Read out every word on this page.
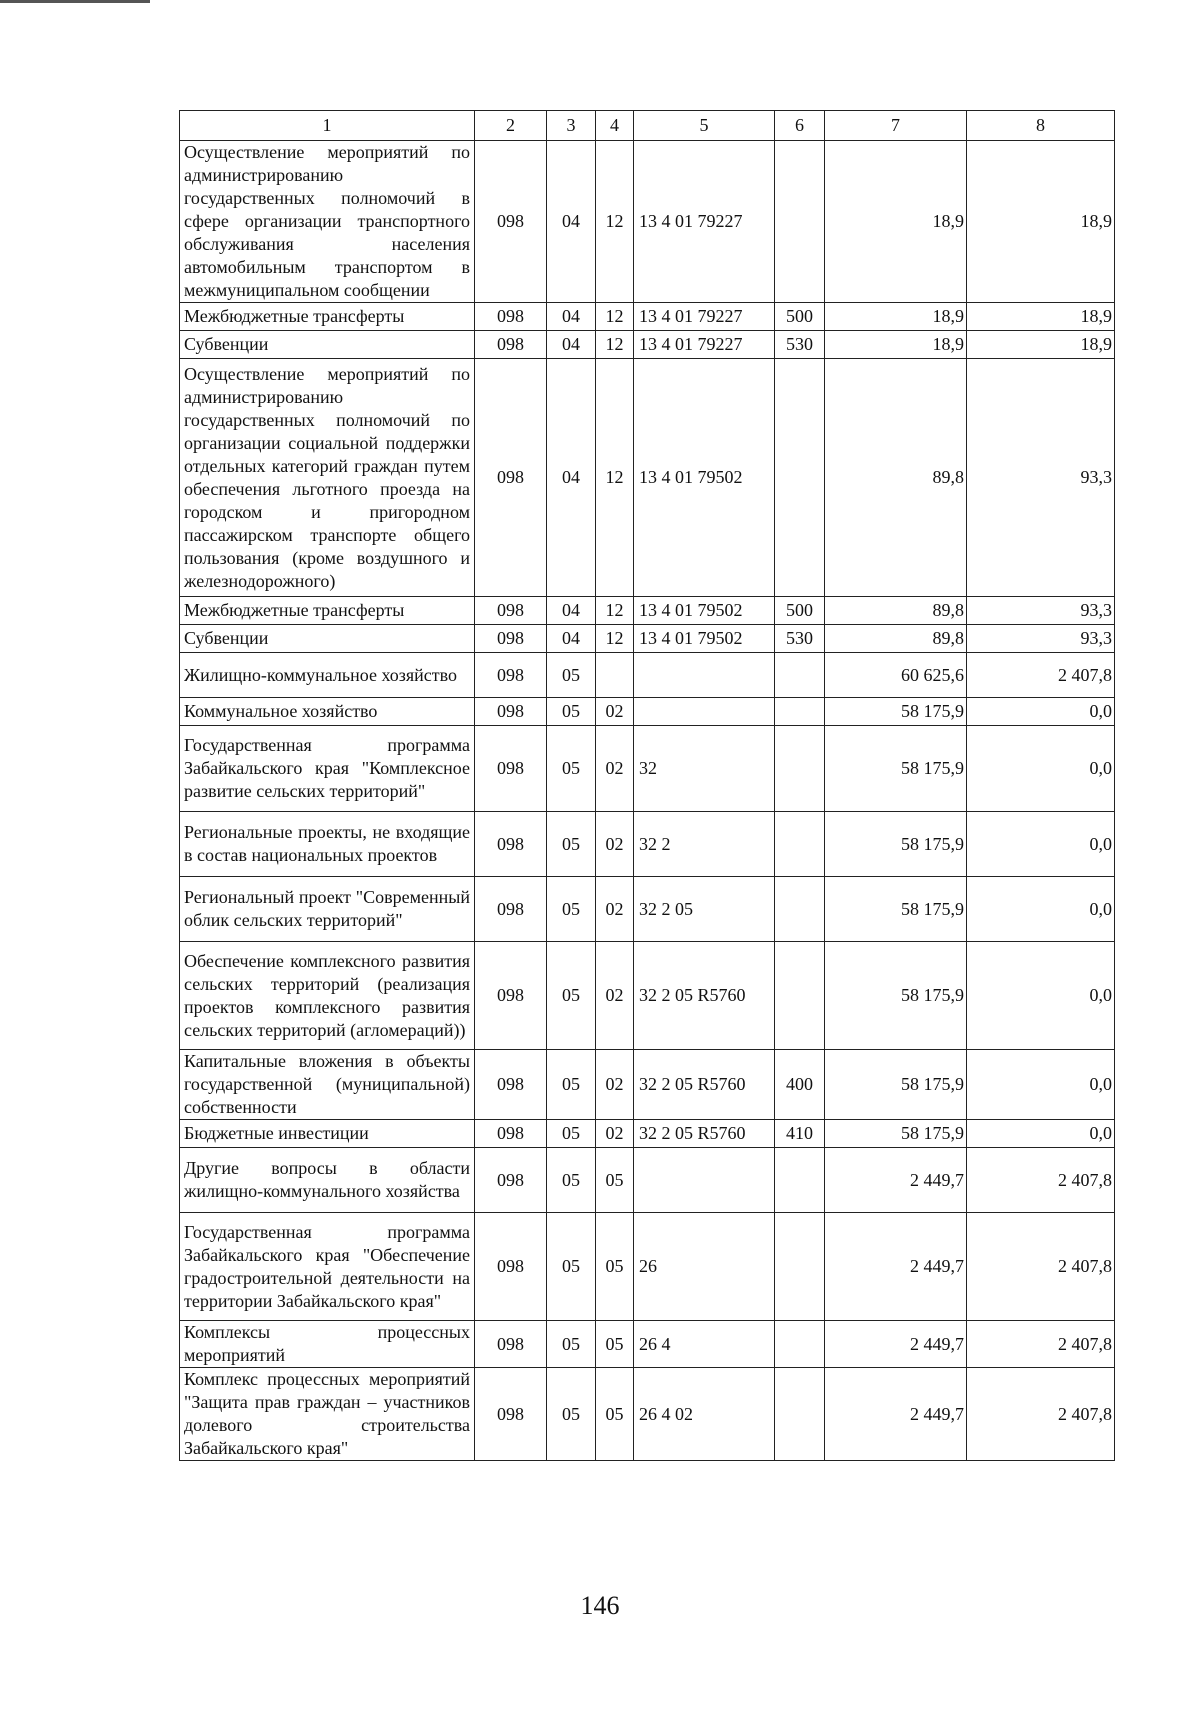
1	2	3	4	5	6	7	8
Осуществление мероприятий по администрированию государственных полномочий в сфере организации транспортного обслуживания населения автомобильным транспортом в межмуниципальном сообщении	098	04	12	13 4 01 79227		18,9	18,9
Межбюджетные трансферты	098	04	12	13 4 01 79227	500	18,9	18,9
Субвенции	098	04	12	13 4 01 79227	530	18,9	18,9
Осуществление мероприятий по администрированию государственных полномочий по организации социальной поддержки отдельных категорий граждан путем обеспечения льготного проезда на городском и пригородном пассажирском транспорте общего пользования (кроме воздушного и железнодорожного)	098	04	12	13 4 01 79502		89,8	93,3
Межбюджетные трансферты	098	04	12	13 4 01 79502	500	89,8	93,3
Субвенции	098	04	12	13 4 01 79502	530	89,8	93,3
Жилищно-коммунальное хозяйство	098	05				60 625,6	2 407,8
Коммунальное хозяйство	098	05	02			58 175,9	0,0
Государственная программа Забайкальского края "Комплексное развитие сельских территорий"	098	05	02	32		58 175,9	0,0
Региональные проекты, не входящие в состав национальных проектов	098	05	02	32 2		58 175,9	0,0
Региональный проект "Современный облик сельских территорий"	098	05	02	32 2 05		58 175,9	0,0
Обеспечение комплексного развития сельских территорий (реализация проектов комплексного развития сельских территорий (агломераций))	098	05	02	32 2 05 R5760		58 175,9	0,0
Капитальные вложения в объекты государственной (муниципальной) собственности	098	05	02	32 2 05 R5760	400	58 175,9	0,0
Бюджетные инвестиции	098	05	02	32 2 05 R5760	410	58 175,9	0,0
Другие вопросы в области жилищно-коммунального хозяйства	098	05	05			2 449,7	2 407,8
Государственная программа Забайкальского края "Обеспечение градостроительной деятельности на территории Забайкальского края"	098	05	05	26		2 449,7	2 407,8
Комплексы процессных мероприятий	098	05	05	26 4		2 449,7	2 407,8
Комплекс процессных мероприятий "Защита прав граждан – участников долевого строительства Забайкальского края"	098	05	05	26 4 02		2 449,7	2 407,8
146
